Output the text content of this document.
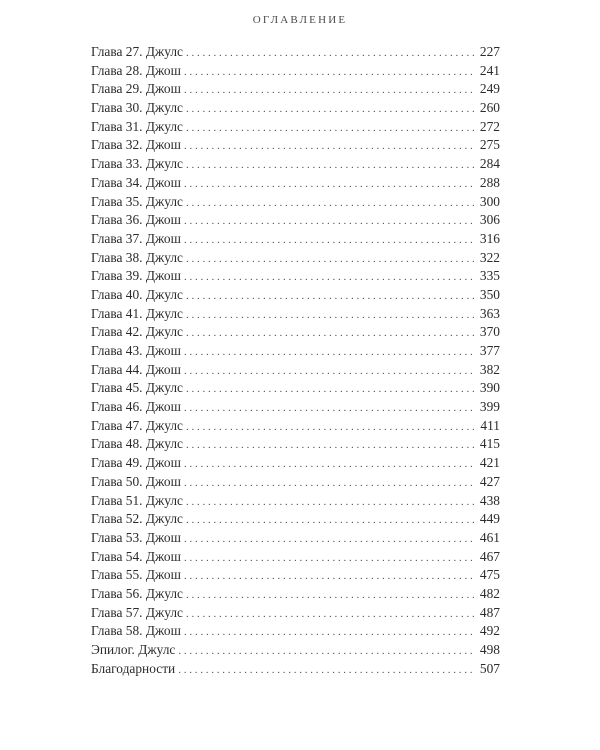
ОГЛАВЛЕНИЕ
Глава 27. Джулс . . .	227
Глава 28. Джош . . .	241
Глава 29. Джош . . .	249
Глава 30. Джулс . . .	260
Глава 31. Джулс . . .	272
Глава 32. Джош . . .	275
Глава 33. Джулс . . .	284
Глава 34. Джош . . .	288
Глава 35. Джулс . . .	300
Глава 36. Джош . . .	306
Глава 37. Джош . . .	316
Глава 38. Джулс . . .	322
Глава 39. Джош . . .	335
Глава 40. Джулс . . .	350
Глава 41. Джулс . . .	363
Глава 42. Джулс . . .	370
Глава 43. Джош . . .	377
Глава 44. Джош . . .	382
Глава 45. Джулс . . .	390
Глава 46. Джош . . .	399
Глава 47. Джулс . . .	411
Глава 48. Джулс . . .	415
Глава 49. Джош . . .	421
Глава 50. Джош . . .	427
Глава 51. Джулс . . .	438
Глава 52. Джулс . . .	449
Глава 53. Джош . . .	461
Глава 54. Джош . . .	467
Глава 55. Джош . . .	475
Глава 56. Джулс . . .	482
Глава 57. Джулс . . .	487
Глава 58. Джош . . .	492
Эпилог. Джулс . . .	498
Благодарности . . .	507
